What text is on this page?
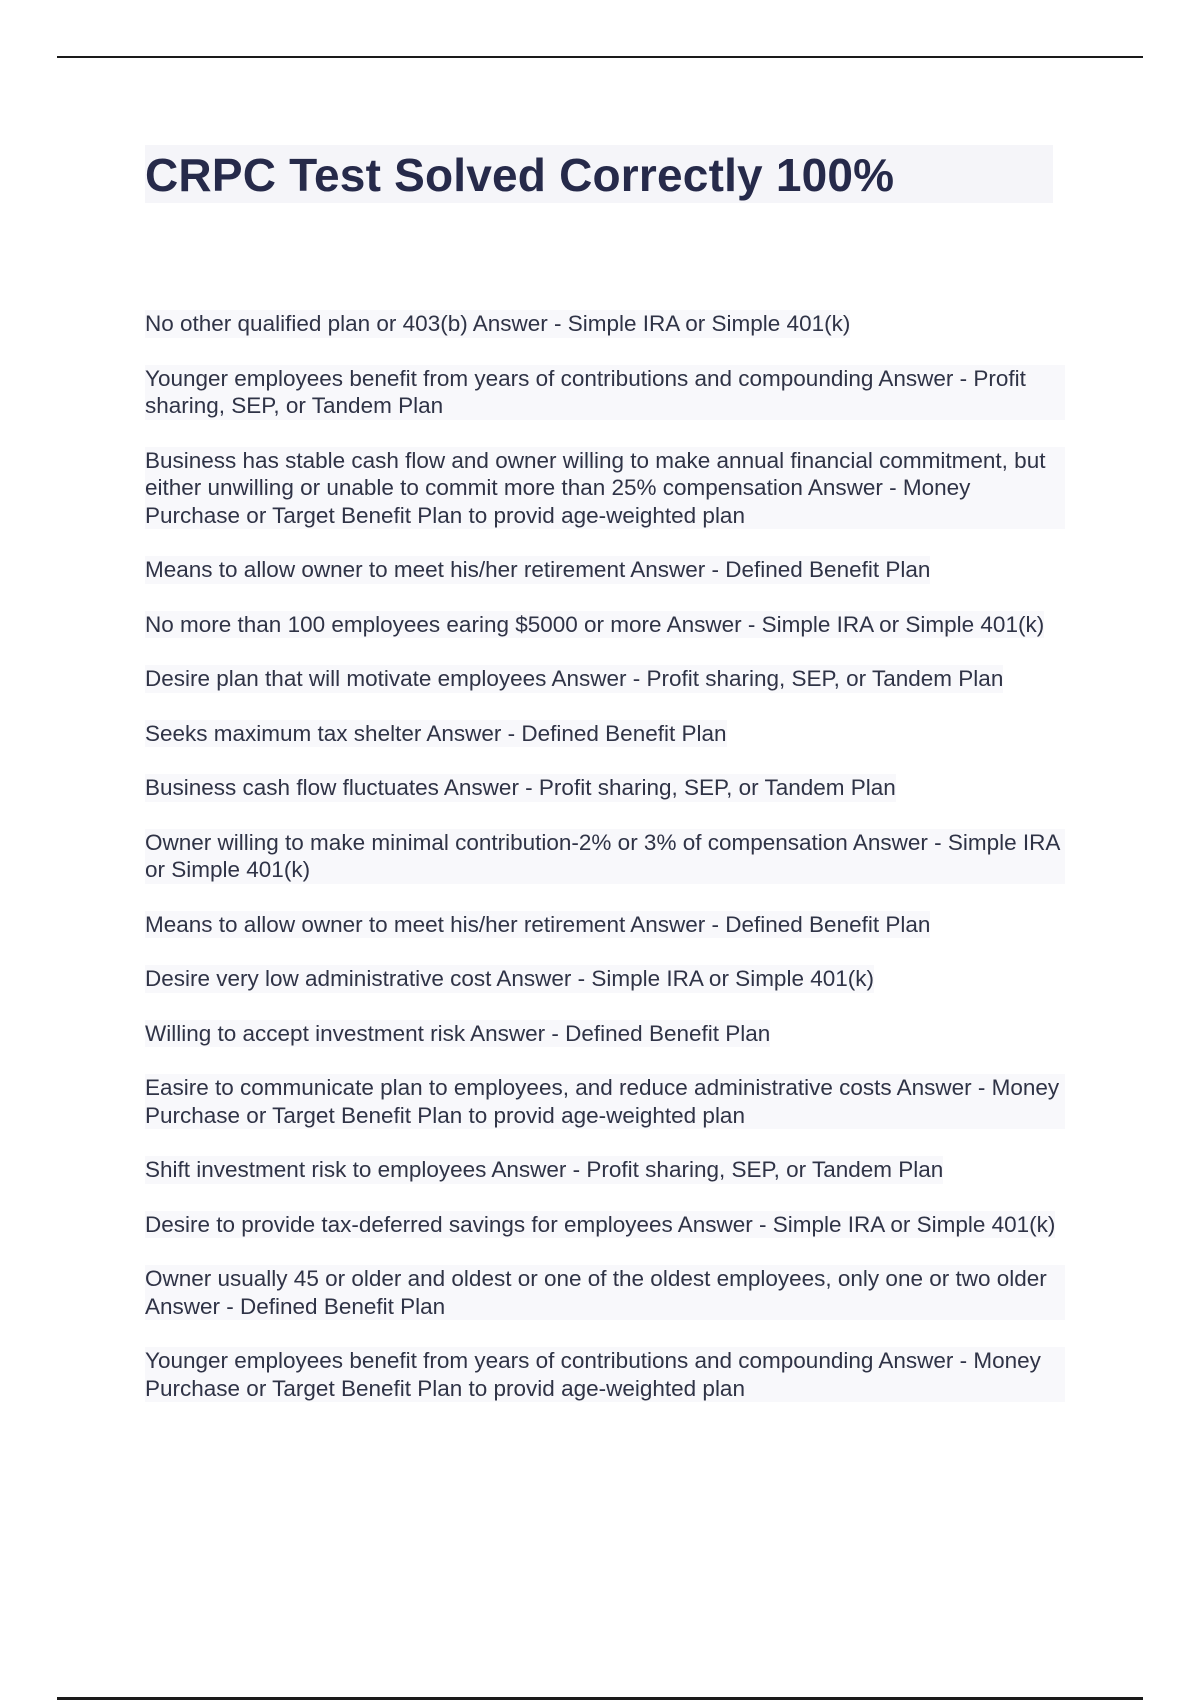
CRPC Test Solved Correctly 100%

No other qualified plan or 403(b) Answer - Simple IRA or Simple 401(k)

Younger employees benefit from years of contributions and compounding Answer - Profit sharing, SEP, or Tandem Plan

Business has stable cash flow and owner willing to make annual financial commitment, but either unwilling or unable to commit more than 25% compensation Answer - Money Purchase or Target Benefit Plan to provid age-weighted plan

Means to allow owner to meet his/her retirement Answer - Defined Benefit Plan

No more than 100 employees earing $5000 or more Answer - Simple IRA or Simple 401(k)

Desire plan that will motivate employees Answer - Profit sharing, SEP, or Tandem Plan

Seeks maximum tax shelter Answer - Defined Benefit Plan

Business cash flow fluctuates Answer - Profit sharing, SEP, or Tandem Plan

Owner willing to make minimal contribution-2% or 3% of compensation Answer - Simple IRA or Simple 401(k)

Means to allow owner to meet his/her retirement Answer - Defined Benefit Plan

Desire very low administrative cost Answer - Simple IRA or Simple 401(k)

Willing to accept investment risk Answer - Defined Benefit Plan

Easire to communicate plan to employees, and reduce administrative costs Answer - Money Purchase or Target Benefit Plan to provid age-weighted plan

Shift investment risk to employees Answer - Profit sharing, SEP, or Tandem Plan

Desire to provide tax-deferred savings for employees Answer - Simple IRA or Simple 401(k)

Owner usually 45 or older and oldest or one of the oldest employees, only one or two older Answer - Defined Benefit Plan

Younger employees benefit from years of contributions and compounding Answer - Money Purchase or Target Benefit Plan to provid age-weighted plan
